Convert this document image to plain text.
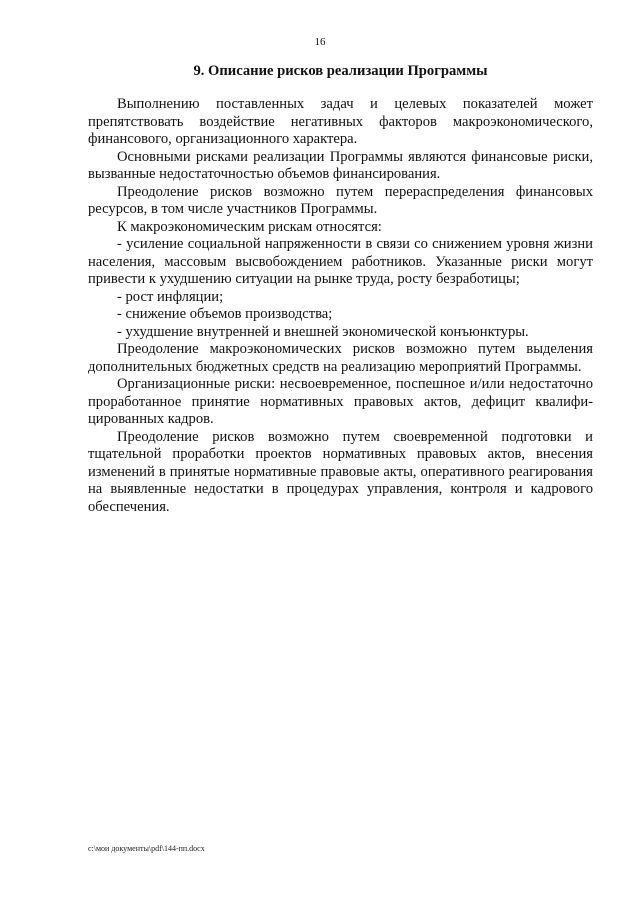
16
9. Описание рисков реализации Программы

Выполнению поставленных задач и целевых показателей может препятствовать воздействие негативных факторов макроэкономического, финансового, организационного характера.

Основными рисками реализации Программы являются финансовые риски, вызванные недостаточностью объемов финансирования.

Преодоление рисков возможно путем перераспределения финансовых ресурсов, в том числе участников Программы.

К макроэкономическим рискам относятся:

- усиление социальной напряженности в связи со снижением уровня жизни населения, массовым высвобождением работников. Указанные риски могут привести к ухудшению ситуации на рынке труда, росту безработицы;

- рост инфляции;

- снижение объемов производства;

- ухудшение внутренней и внешней экономической конъюнктуры.

Преодоление макроэкономических рисков возможно путем выделения дополнительных бюджетных средств на реализацию мероприятий Программы.

Организационные риски: несвоевременное, поспешное и/или недостаточно проработанное принятие нормативных правовых актов, дефицит квалифи-цированных кадров.

Преодоление рисков возможно путем своевременной подготовки и тщательной проработки проектов нормативных правовых актов, внесения изменений в принятые нормативные правовые акты, оперативного реагирования на выявленные недостатки в процедурах управления, контроля и кадрового обеспечения.

c:\мои документы\pdf\144-пп.docx
